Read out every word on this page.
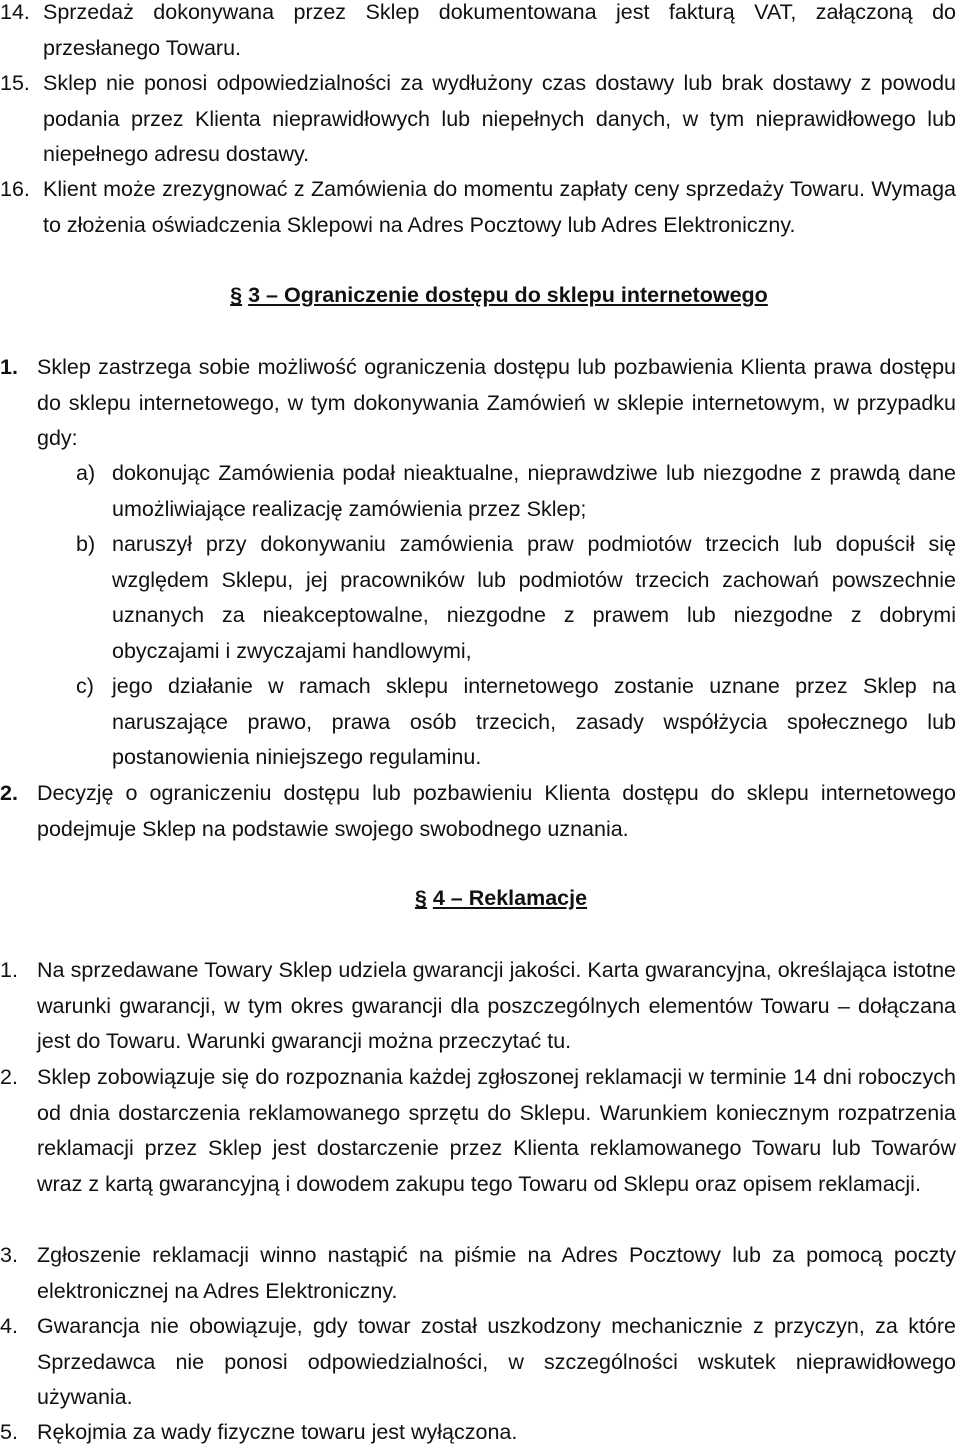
14. Sprzedaż dokonywana przez Sklep dokumentowana jest fakturą VAT, załączoną do przesłanego Towaru.
15. Sklep nie ponosi odpowiedzialności za wydłużony czas dostawy lub brak dostawy z powodu podania przez Klienta nieprawidłowych lub niepełnych danych, w tym nieprawidłowego lub niepełnego adresu dostawy.
16. Klient może zrezygnować z Zamówienia do momentu zapłaty ceny sprzedaży Towaru. Wymaga to złożenia oświadczenia Sklepowi na Adres Pocztowy lub Adres Elektroniczny.
§ 3 – Ograniczenie dostępu do sklepu internetowego
1. Sklep zastrzega sobie możliwość ograniczenia dostępu lub pozbawienia Klienta prawa dostępu do sklepu internetowego, w tym dokonywania Zamówień w sklepie internetowym, w przypadku gdy:
a) dokonując Zamówienia podał nieaktualne, nieprawdziwe lub niezgodne z prawdą dane umożliwiające realizację zamówienia przez Sklep;
b) naruszył przy dokonywaniu zamówienia praw podmiotów trzecich lub dopuścił się względem Sklepu, jej pracowników lub podmiotów trzecich zachowań powszechnie uznanych za nieakceptowalne, niezgodne z prawem lub niezgodne z dobrymi obyczajami i zwyczajami handlowymi,
c) jego działanie w ramach sklepu internetowego zostanie uznane przez Sklep na naruszające prawo, prawa osób trzecich, zasady współżycia społecznego lub postanowienia niniejszego regulaminu.
2. Decyzję o ograniczeniu dostępu lub pozbawieniu Klienta dostępu do sklepu internetowego podejmuje Sklep na podstawie swojego swobodnego uznania.
§ 4 – Reklamacje
1. Na sprzedawane Towary Sklep udziela gwarancji jakości. Karta gwarancyjna, określająca istotne warunki gwarancji, w tym okres gwarancji dla poszczególnych elementów Towaru – dołączana jest do Towaru. Warunki gwarancji można przeczytać tu.
2. Sklep zobowiązuje się do rozpoznania każdej zgłoszonej reklamacji w terminie 14 dni roboczych od dnia dostarczenia reklamowanego sprzętu do Sklepu. Warunkiem koniecznym rozpatrzenia reklamacji przez Sklep jest dostarczenie przez Klienta reklamowanego Towaru lub Towarów wraz z kartą gwarancyjną i dowodem zakupu tego Towaru od Sklepu oraz opisem reklamacji.
3. Zgłoszenie reklamacji winno nastąpić na piśmie na Adres Pocztowy lub za pomocą poczty elektronicznej na Adres Elektroniczny.
4. Gwarancja nie obowiązuje, gdy towar został uszkodzony mechanicznie z przyczyn, za które Sprzedawca nie ponosi odpowiedzialności, w szczególności wskutek nieprawidłowego używania.
5. Rękojmia za wady fizyczne towaru jest wyłączona.
